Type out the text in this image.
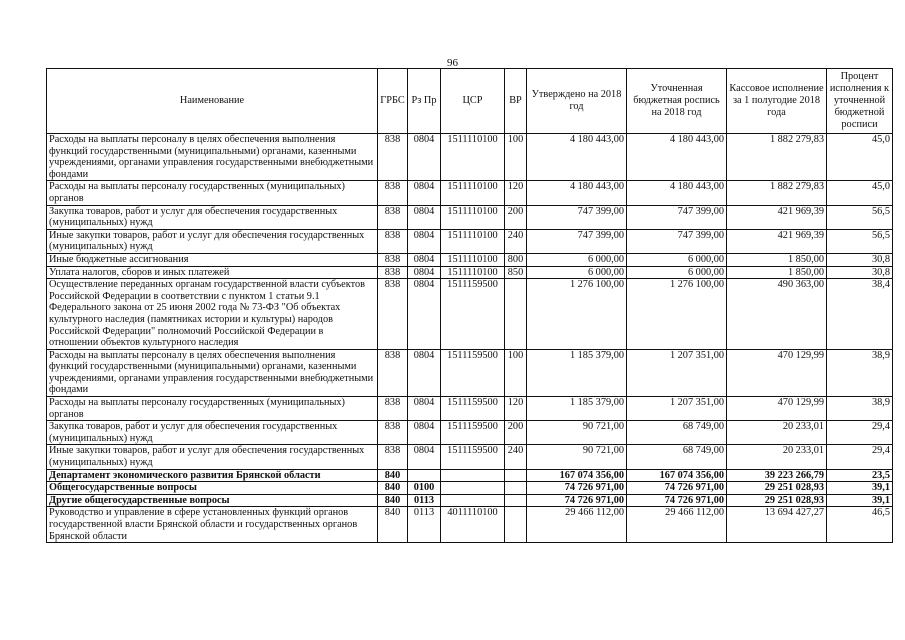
96
Наименование	ГРБС	Рз Пр	ЦСР	ВР	Утверждено на 2018 год	Уточненная бюджетная роспись на 2018 год	Кассовое исполнение за 1 полугодие 2018 года	Процент исполнения к уточненной бюджетной росписи
Расходы на выплаты персоналу в целях обеспечения выполнения функций государственными (муниципальными) органами, казенными учреждениями, органами управления государственными внебюджетными фондами	838	0804	1511110100	100	4 180 443,00	4 180 443,00	1 882 279,83	45,0
Расходы на выплаты персоналу государственных (муниципальных) органов	838	0804	1511110100	120	4 180 443,00	4 180 443,00	1 882 279,83	45,0
Закупка товаров, работ и услуг для обеспечения государственных (муниципальных) нужд	838	0804	1511110100	200	747 399,00	747 399,00	421 969,39	56,5
Иные закупки товаров, работ и услуг для обеспечения государственных (муниципальных) нужд	838	0804	1511110100	240	747 399,00	747 399,00	421 969,39	56,5
Иные бюджетные ассигнования	838	0804	1511110100	800	6 000,00	6 000,00	1 850,00	30,8
Уплата налогов, сборов и иных платежей	838	0804	1511110100	850	6 000,00	6 000,00	1 850,00	30,8
Осуществление переданных органам государственной власти субъектов Российской Федерации в соответствии с пунктом 1 статьи 9.1 Федерального закона от 25 июня 2002 года № 73-ФЗ "Об объектах культурного наследия (памятниках истории и культуры) народов Российской Федерации" полномочий Российской Федерации в отношении объектов культурного наследия	838	0804	1511159500		1 276 100,00	1 276 100,00	490 363,00	38,4
Расходы на выплаты персоналу в целях обеспечения выполнения функций государственными (муниципальными) органами, казенными учреждениями, органами управления государственными внебюджетными фондами	838	0804	1511159500	100	1 185 379,00	1 207 351,00	470 129,99	38,9
Расходы на выплаты персоналу государственных (муниципальных) органов	838	0804	1511159500	120	1 185 379,00	1 207 351,00	470 129,99	38,9
Закупка товаров, работ и услуг для обеспечения государственных (муниципальных) нужд	838	0804	1511159500	200	90 721,00	68 749,00	20 233,01	29,4
Иные закупки товаров, работ и услуг для обеспечения государственных (муниципальных) нужд	838	0804	1511159500	240	90 721,00	68 749,00	20 233,01	29,4
Департамент экономического развития Брянской области	840				167 074 356,00	167 074 356,00	39 223 266,79	23,5
Общегосударственные вопросы	840	0100			74 726 971,00	74 726 971,00	29 251 028,93	39,1
Другие общегосударственные вопросы	840	0113			74 726 971,00	74 726 971,00	29 251 028,93	39,1
Руководство и управление в сфере установленных функций органов государственной власти Брянской области и государственных органов Брянской области	840	0113	4011110100		29 466 112,00	29 466 112,00	13 694 427,27	46,5
